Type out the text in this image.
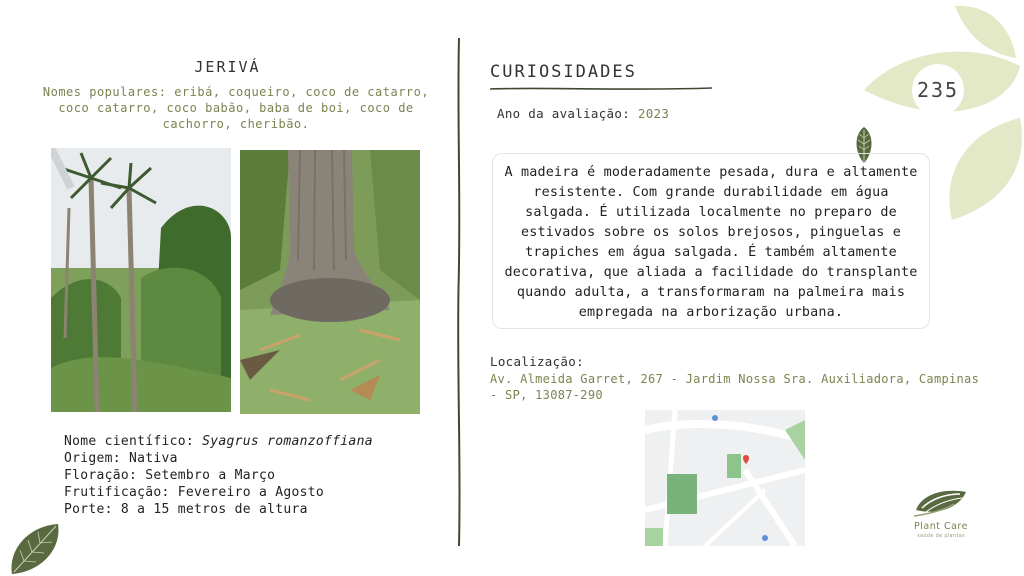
235
JERIVÁ
Nomes populares: eribá, coqueiro, coco de catarro, coco catarro, coco babão, baba de boi, coco de cachorro, cheribão.
Nome científico: Syagrus romanzoffiana
Origem: Nativa
Floração: Setembro a Março
Frutificação: Fevereiro a Agosto
Porte: 8 a 15 metros de altura
CURIOSIDADES
Ano da avaliação: 2023
A madeira é moderadamente pesada, dura e altamente resistente. Com grande durabilidade em água salgada. É utilizada localmente no preparo de estivados sobre os solos brejosos, pinguelas e trapiches em água salgada. É também altamente decorativa, que aliada a facilidade do transplante quando adulta, a transformaram na palmeira mais empregada na arborização urbana.
Localização:
Av. Almeida Garret, 267 - Jardim Nossa Sra. Auxiliadora, Campinas - SP, 13087-290
Plant Care
saúde de plantas
